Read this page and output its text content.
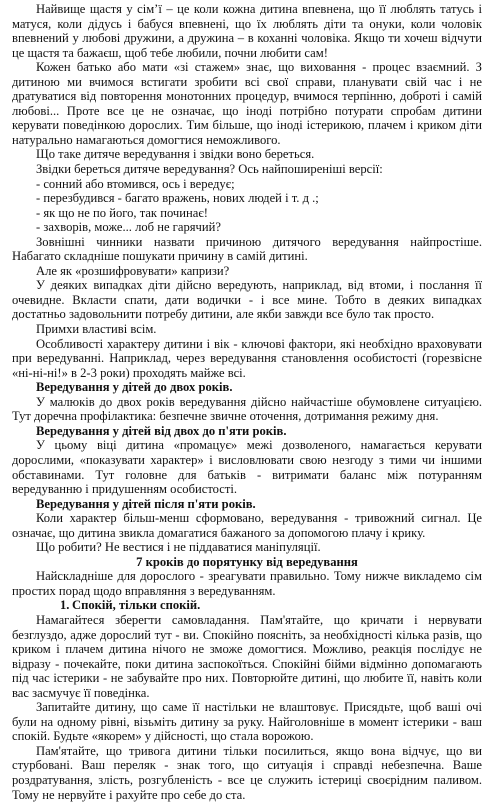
Найвище щастя у сім’ї – це коли кожна дитина впевнена, що її люблять татусь і матуся, коли дідусь і бабуся впевнені, що їх люблять діти та онуки, коли чоловік впевнений у любові дружини, а дружина – в коханні чоловіка. Якщо ти хочеш відчути це щастя та бажаєш, щоб тебе любили, почни любити сам!

Кожен батько або мати «зі стажем» знає, що виховання - процес взаємний. З дитиною ми вчимося встигати зробити всі свої справи, планувати свій час і не дратуватися від повторення монотонних процедур, вчимося терпінню, доброті і самій любові... Проте все це не означає, що іноді потрібно потурати спробам дитини керувати поведінкою дорослих. Тим більше, що іноді істерикою, плачем і криком діти натурально намагаються домогтися неможливого.

Що таке дитяче вередування і звідки воно береться.

Звідки береться дитяче вередування? Ось найпоширеніші версії:

- сонний або втомився, ось і вередує;

- перезбудився - багато вражень, нових людей і т. д .;

- як що не по його, так починає!

- захворів, може... лоб не гарячий?

Зовнішні чинники назвати причиною дитячого вередування найпростіше. Набагато складніше пошукати причину в самій дитині.

Але як «розшифровувати» капризи?

У деяких випадках діти дійсно вередують, наприклад, від втоми, і послання її очевидне. Вкласти спати, дати водички - і все мине. Тобто в деяких випадках достатньо задовольнити потребу дитини, але якби завжди все було так просто.

Примхи властиві всім.

Особливості характеру дитини і вік - ключові фактори, які необхідно враховувати при вередуванні. Наприклад, через вередування становлення особистості (горезвісне «ні-ні-ні!» в 2-3 роки) проходять майже всі.

Вередування у дітей до двох років.

У малюків до двох років вередування дійсно найчастіше обумовлене ситуацією. Тут доречна профілактика: безпечне звичне оточення, дотримання режиму дня.

Вередування у дітей від двох до п'яти років.

У цьому віці дитина «промацує» межі дозволеного, намагається керувати дорослими, «показувати характер» і висловлювати свою незгоду з тими чи іншими обставинами. Тут головне для батьків - витримати баланс між потуранням вередуванню і придушенням особистості.

Вередування у дітей після п'яти років.

Коли характер більш-менш сформовано, вередування - тривожний сигнал. Це означає, що дитина звикла домагатися бажаного за допомогою плачу і крику.

Що робити? Не вестися і не піддаватися маніпуляції.

7 кроків до порятунку від вередування

Найскладніше для дорослого - зреагувати правильно. Тому нижче викладемо сім простих порад щодо вправляння з вередуванням.

1. Спокій, тільки спокій.

Намагайтеся зберегти самовладання. Пам'ятайте, що кричати і нервувати безглуздо, адже дорослий тут - ви. Спокійно поясніть, за необхідності кілька разів, що криком і плачем дитина нічого не зможе домогтися. Можливо, реакція послідує не відразу - почекайте, поки дитина заспокоїться. Спокійні бійми відмінно допомагають під час істерики - не забувайте про них. Повторюйте дитині, що любите її, навіть коли вас засмучує її поведінка.

Запитайте дитину, що саме її настільки не влаштовує. Присядьте, щоб ваші очі були на одному рівні, візьміть дитину за руку. Найголовніше в момент істерики - ваш спокій. Будьте «якорем» у дійсності, що стала ворожою.

Пам'ятайте, що тривога дитини тільки посилиться, якщо вона відчує, що ви стурбовані. Ваш переляк - знак того, що ситуація і справді небезпечна. Ваше роздратування, злість, розгубленість - все це служить істериці своєрідним паливом. Тому не нервуйте і рахуйте про себе до ста.
